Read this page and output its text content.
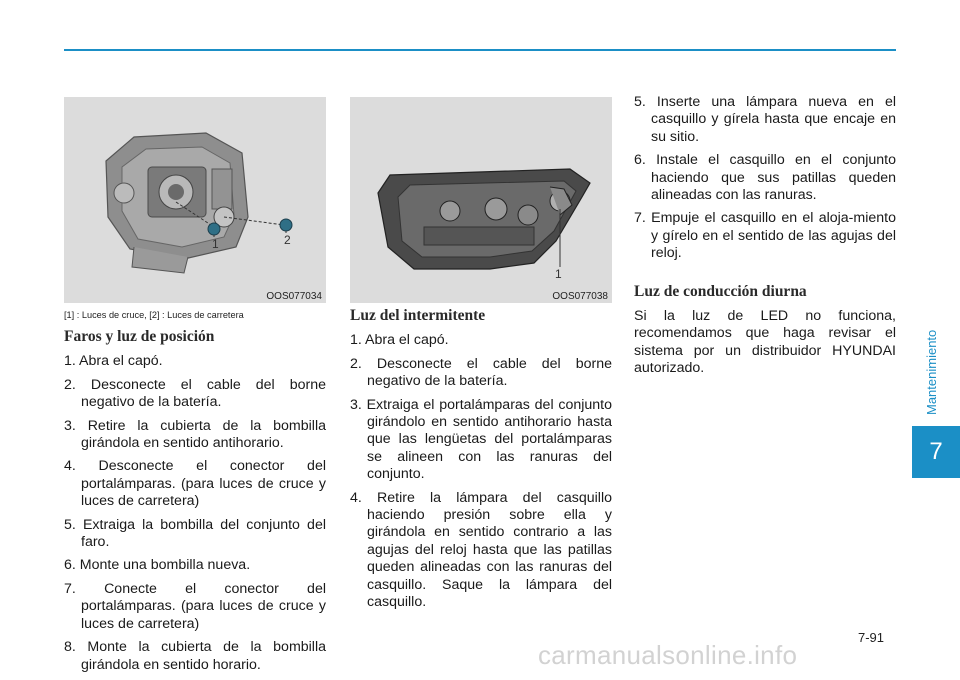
1	2
OOS077034
[1] : Luces de cruce, [2] : Luces de carretera
Faros y luz de posición
1. Abra el capó.
2. Desconecte el cable del borne negativo de la batería.
3. Retire la cubierta de la bombilla girándola en sentido antihorario.
4. Desconecte el conector del portalámparas. (para luces de cruce y luces de carretera)
5. Extraiga la bombilla del conjunto del faro.
6. Monte una bombilla nueva.
7. Conecte el conector del portalámparas. (para luces de cruce y luces de carretera)
8. Monte la cubierta de la bombilla girándola en sentido horario.
1
OOS077038
Luz del intermitente
1. Abra el capó.
2. Desconecte el cable del borne negativo de la batería.
3. Extraiga el portalámparas del conjunto girándolo en sentido antihorario hasta que las lengüetas del portalámparas se alineen con las ranuras del conjunto.
4. Retire la lámpara del casquillo haciendo presión sobre ella y girándola en sentido contrario a las agujas del reloj hasta que las patillas queden alineadas con las ranuras del casquillo. Saque la lámpara del casquillo.
5. Inserte una lámpara nueva en el casquillo y gírela hasta que encaje en su sitio.
6. Instale el casquillo en el conjunto haciendo que sus patillas queden alineadas con las ranuras.
7. Empuje el casquillo en el aloja-miento y gírelo en el sentido de las agujas del reloj.
Luz de conducción diurna

Si la luz de LED no funciona, recomendamos que haga revisar el sistema por un distribuidor HYUNDAI autorizado.	Mantenimiento
7
7-91
carmanualsonline.info
